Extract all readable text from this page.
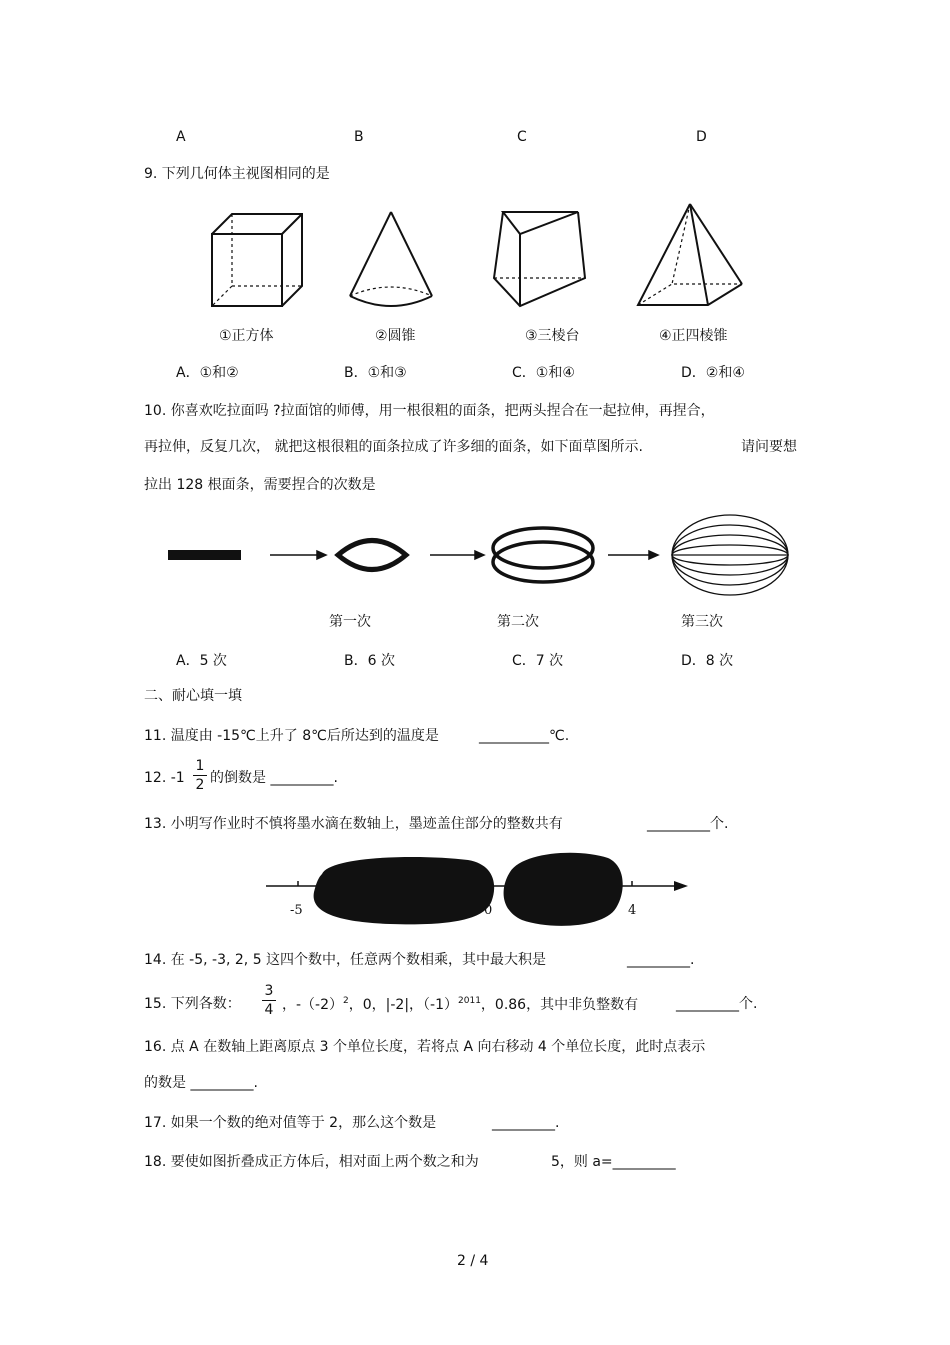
A	B	C	D
9. 下列几何体主视图相同的是
①正方体	②圆锥	③三棱台	④正四棱锥
A．①和②	B．①和③	C．①和④	D．②和④
10. 你喜欢吃拉面吗 ?拉面馆的师傅，用一根很粗的面条，把两头捏合在一起拉伸，再捏合，
再拉伸，反复几次， 就把这根很粗的面条拉成了许多细的面条，如下面草图所示.	请问要想
拉出 128 根面条，需要捏合的次数是
第一次	第二次	第三次
A．5 次	B．6 次	C．7 次	D．8 次
二、耐心填一填
11. 温度由 -15℃上升了 8℃后所达到的温度是	__________℃.
12. -1
1
2 的倒数是 _________.
13. 小明写作业时不慎将墨水滴在数轴上，墨迹盖住部分的整数共有	_________个.
-5	0	4
14. 在 -5, -3, 2, 5 这四个数中，任意两个数相乘，其中最大积是	_________.
15. 下列各数：
3
4 ，$-(-2)^2$，0，|-2|，$(-1)^{2011}$，0.86，其中非负整数有	_________个.
16. 点 A 在数轴上距离原点 3 个单位长度，若将点 A 向右移动 4 个单位长度，此时点表示
的数是 _________.
17. 如果一个数的绝对值等于 2，那么这个数是	_________.
18. 要使如图折叠成正方体后，相对面上两个数之和为	5，则 a=_________
2 / 4
